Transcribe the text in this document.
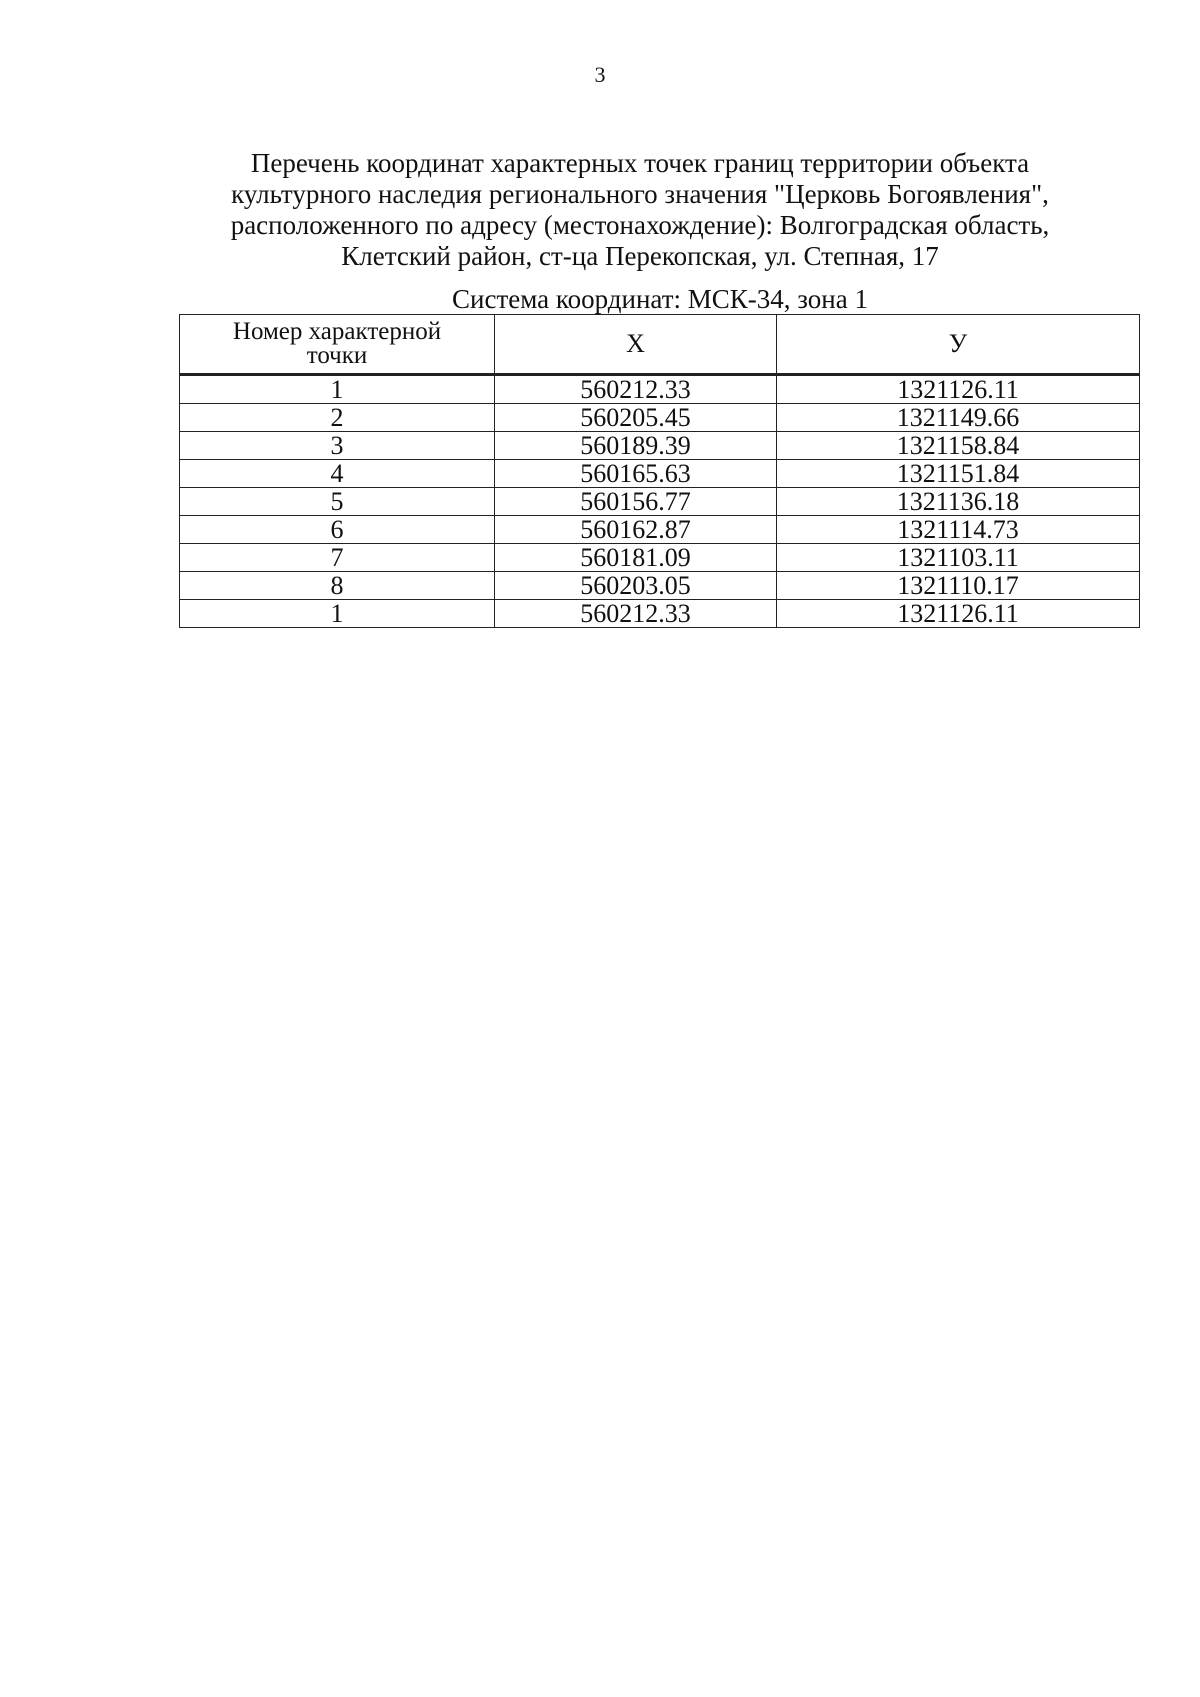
3
Перечень координат характерных точек границ территории объекта
культурного наследия регионального значения "Церковь Богоявления",
расположенного по адресу (местонахождение): Волгоградская область,
Клетский район, ст-ца Перекопская, ул. Степная, 17
Система координат: МСК-34, зона 1
Номер характерной
точки	Х	У
1	560212.33	1321126.11
2	560205.45	1321149.66
3	560189.39	1321158.84
4	560165.63	1321151.84
5	560156.77	1321136.18
6	560162.87	1321114.73
7	560181.09	1321103.11
8	560203.05	1321110.17
1	560212.33	1321126.11
